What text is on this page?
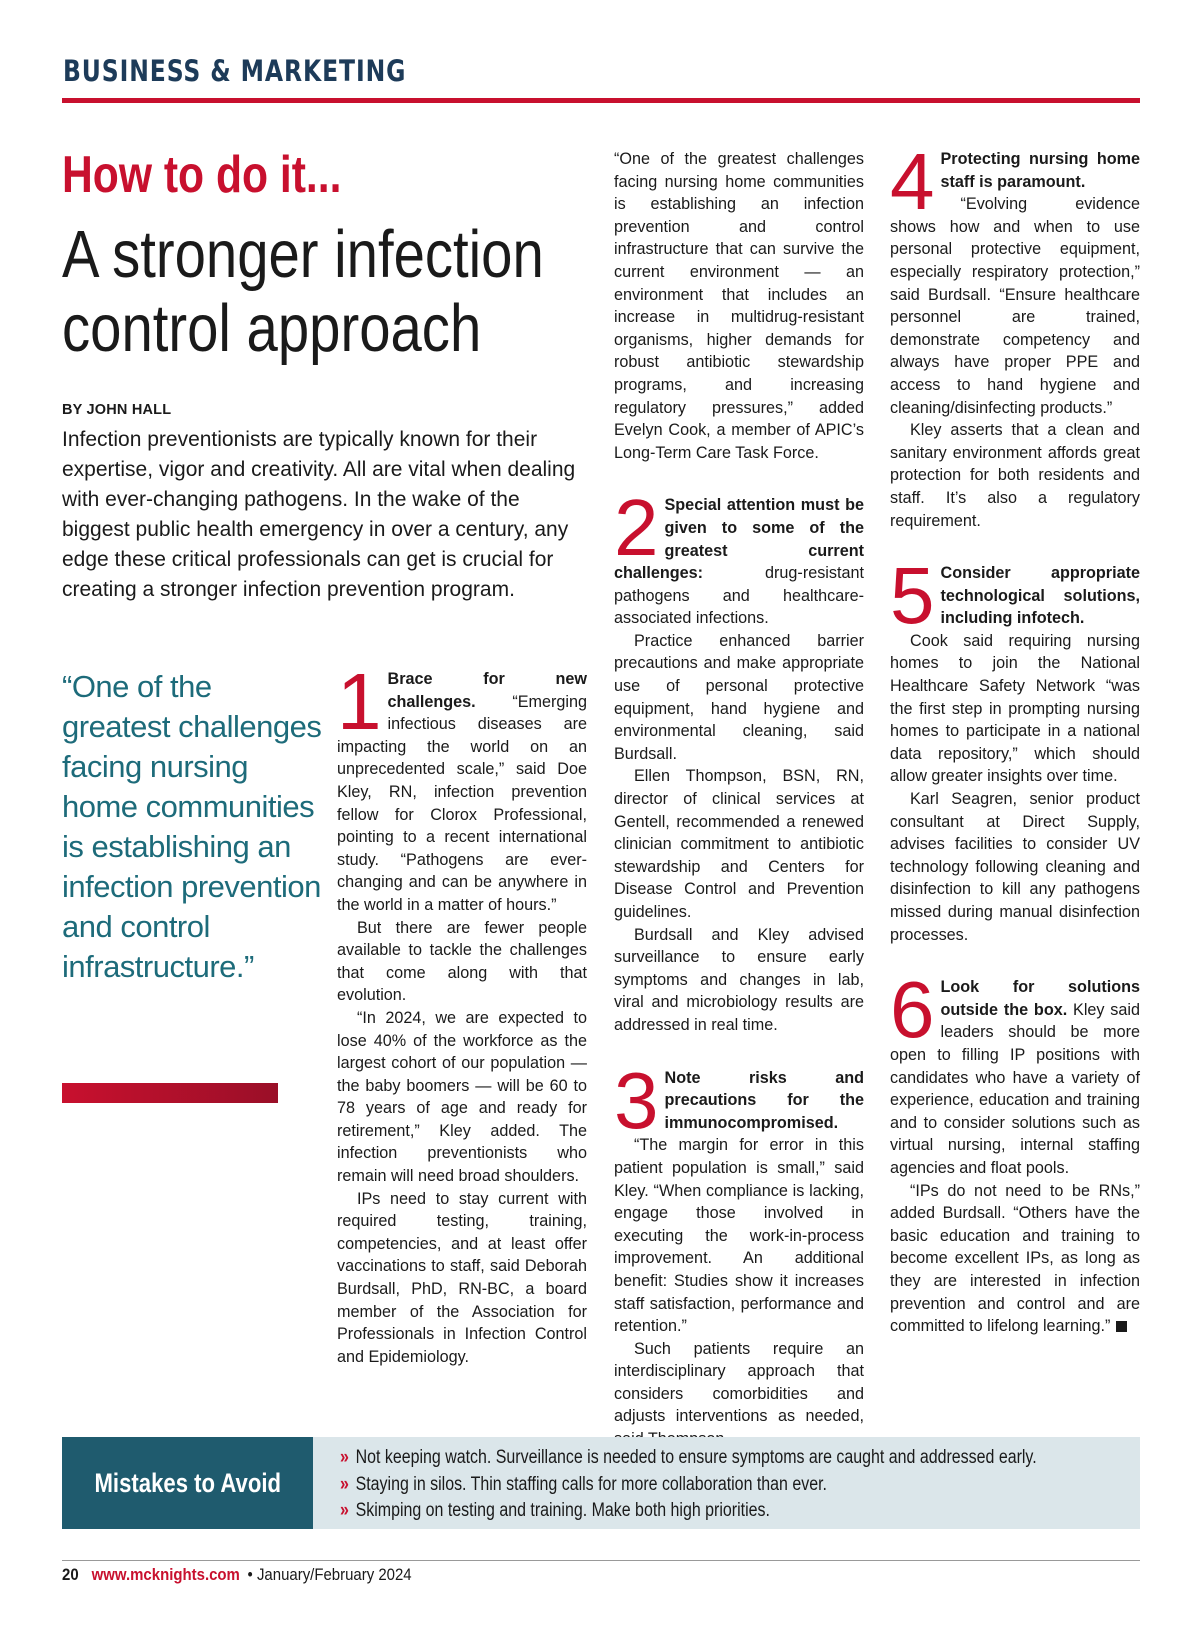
BUSINESS & MARKETING
How to do it...
A stronger infection control approach
BY JOHN HALL
Infection preventionists are typically known for their expertise, vigor and creativity. All are vital when dealing with ever-changing pathogens. In the wake of the biggest public health emergency in over a century, any edge these critical professionals can get is crucial for creating a stronger infection prevention program.
“One of the greatest challenges facing nursing home communities is establishing an infection prevention and control infrastructure.”
1 Brace for new challenges. “Emerging infectious diseases are impacting the world on an unprecedented scale,” said Doe Kley, RN, infection prevention fellow for Clorox Professional, pointing to a recent international study. “Pathogens are ever-changing and can be anywhere in the world in a matter of hours.”

But there are fewer people available to tackle the challenges that come along with that evolution.

“In 2024, we are expected to lose 40% of the workforce as the largest cohort of our population — the baby boomers — will be 60 to 78 years of age and ready for retirement,” Kley added. The infection preventionists who remain will need broad shoulders.

IPs need to stay current with required testing, training, competencies, and at least offer vaccinations to staff, said Deborah Burdsall, PhD, RN-BC, a board member of the Association for Professionals in Infection Control and Epidemiology.

“One of the greatest challenges facing nursing home communities is establishing an infection prevention and control infrastructure that can survive the current environment — an environment that includes an increase in multidrug-resistant organisms, higher demands for robust antibiotic stewardship programs, and increasing regulatory pressures,” added Evelyn Cook, a member of APIC’s Long-Term Care Task Force.

2 Special attention must be given to some of the greatest current challenges:	drug-resistant pathogens and healthcare-associated infections.

Practice enhanced barrier precautions and make appropriate use of personal protective equipment, hand hygiene and environmental cleaning, said Burdsall.

Ellen Thompson, BSN, RN, director of clinical services at Gentell, recommended a renewed clinician commitment to antibiotic stewardship and Centers for Disease Control and Prevention guidelines.

Burdsall and Kley advised surveillance to ensure early symptoms and changes in lab, viral and microbiology results are addressed in real time.

3 Note risks and precautions for the immunocompromised.

“The margin for error in this patient population is small,” said Kley. “When compliance is lacking, engage those involved in executing the work-in-process improvement. An additional benefit: Studies show it increases staff satisfaction, performance and retention.”

Such patients require an interdisciplinary approach that considers comorbidities and adjusts interventions as needed,

4 Protecting nursing home staff is paramount.

“Evolving evidence shows how and when to use personal protective equipment, especially respiratory protection,” said Burdsall. “Ensure healthcare personnel are trained, demonstrate competency and always have proper PPE and access to hand hygiene and cleaning/disinfecting products.”

Kley asserts that a clean and sanitary environment affords great protection for both residents and staff. It’s also a regulatory requirement.

5 Consider appropriate technological solutions, including infotech.

Cook said requiring nursing homes to join the National Healthcare Safety Network “was the first step in prompting nursing homes to participate in a national data repository,” which should allow greater insights over time.

Karl Seagren, senior product consultant at Direct Supply, advises facilities to consider UV technology following cleaning and disinfection to kill any pathogens missed during manual disinfection processes.

6 Look for solutions outside the box. Kley said leaders should be more open to filling IP positions with candidates who have a variety of experience, education and training and to consider solutions such as virtual nursing, internal staffing agencies and float pools.

“IPs do not need to be RNs,” added Burdsall. “Others have the basic education and training to become excellent IPs, as long as they are interested in infection prevention and control and are committed to lifelong learning.”

Mistakes to Avoid
» Not keeping watch. Surveillance is needed to ensure symptoms are caught and addressed early.
» Staying in silos. Thin staffing calls for more collaboration than ever.
» Skimping on testing and training. Make both high priorities.
20 www.mcknights.com • January/February 2024
